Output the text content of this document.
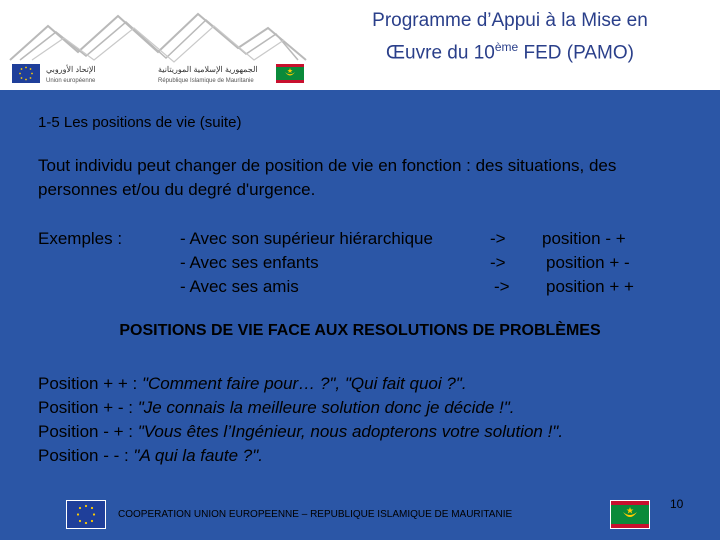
الإتحاد الأوروبي
Union européenne
الجمهورية الإسلامية الموريتانية
République Islamique de Mauritanie
Programme d’Appui à la Mise en
Œuvre du 10ème FED (PAMO)
1-5 Les positions de vie (suite)
Tout individu peut changer de position de vie en fonction : des situations, des personnes et/ou du degré d'urgence.
Exemples :	- Avec son supérieur hiérarchique	-> position - +
- Avec ses enfants	-> position + -
- Avec ses amis	-> position + +
POSITIONS DE VIE FACE AUX RESOLUTIONS DE PROBLÈMES
Position + + : "Comment faire pour… ?", "Qui fait quoi ?".
Position + - : "Je connais la meilleure solution donc je décide !".
Position - + : "Vous êtes l’Ingénieur, nous adopterons votre solution !".
Position - - : "A qui la faute ?".
COOPERATION UNION EUROPEENNE – REPUBLIQUE ISLAMIQUE DE MAURITANIE
10
